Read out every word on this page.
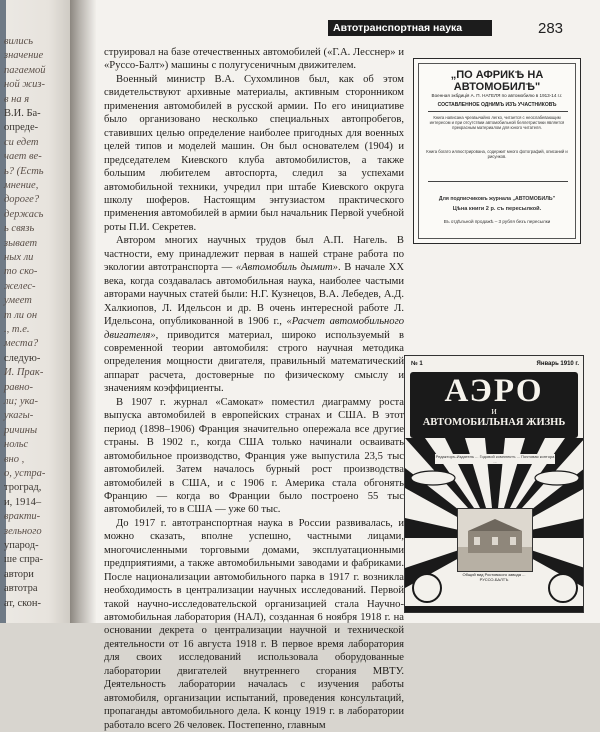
вились
значение
пагаемой
ной жиз-
в на я
В.И. Ба-
опреде-
си едет
чает ве-
ь? (Есть
мнение,
дорогe?
держась
ь связь
зывает
ных ли
то ско-
желес-
умеет
т ли он
., т.е.
места?
следую-
И. Прак-
равно-
ли; ука-
укагы-
ричины
нольс
вно ,
о, устра-
троград,
и, 1914–
вракти-
зельного
упарод-
ше спра-
автори
автотра
ат, скон-
Автотранспортная наука	283

струировал на базе отечественных автомобилей («Г.А. Лесснер» и «Руссо-Балт») машины с полугусеничным движителем.

Военный министр В.А. Сухомлинов был, как об этом свидетельствуют архивные материалы, активным сторонником применения автомобилей в русской армии. По его инициативе было организовано несколько специальных автопробегов, ставивших целью определение наиболее пригодных для военных целей типов и моделей машин. Он был основателем (1904) и председателем Киевского клуба автомобилистов, а также большим любителем автоспорта, следил за успехами автомобильной техники, учредил при штабе Киевского округа школу шоферов. Настоящим энтузиастом практического применения автомобилей в армии был начальник Первой учебной роты П.И. Секретев.

Автором многих научных трудов был А.П. Нагель. В частности, ему принадлежит первая в нашей стране работа по экологии автотранспорта — «Автомобиль дымит». В начале XX века, когда создавалась автомобильная наука, наиболее частыми авторами научных статей были: Н.Г. Кузнецов, В.А. Лебедев, А.Д. Халкиопов, Л. Идельсон и др. В очень интересной работе Л. Идельсона, опубликованной в 1906 г., «Расчет автомобильного двигателя», приводится материал, широко используемый в современной теории автомобиля: строго научная методика определения мощности двигателя, правильный математический аппарат расчета, достоверные по физическому смыслу и значениям коэффициенты.

В 1907 г. журнал «Самокат» поместил диаграмму роста выпуска автомобилей в европейских странах и США. В этот период (1898–1906) Франция значительно опережала все другие страны. В 1902 г., когда США только начинали осваивать автомобильное производство, Франция уже выпустила 23,5 тыс автомобилей. Затем началось бурный рост производства автомобилей в США, и с 1906 г. Америка стала обгонять Францию — когда во Франции было построено 55 тыс автомобилей, то в США — уже 60 тыс.

До 1917 г. автотранспортная наука в России развивалась, и можно сказать, вполне успешно, частными лицами, многочисленными торговыми домами, эксплуатационными предприятиями, а также автомобильными заводами и фабриками. После национализации автомобильного парка в 1917 г. возникла необходимость в централизации научных исследований. Первой такой научно-исследовательской организацией стала Научно-автомобильная лаборатория (НАЛ), созданная 6 ноября 1918 г. на основании декрета о централизации научной и технической деятельности от 16 августа 1918 г. В первое время лаборатория для своих исследований использовала оборудованные лаборатории двигателей внутреннего сгорания МВТУ. Деятельность лаборатории началась с изучения работы автомобиля, организации испытаний, проведения консультаций, пропаганды автомобильного дела. К концу 1919 г. в лаборатории работало всего 26 человек. Постепенно, главным

„ПО АФРИКѢ НА АВТОМОБИЛѢ"
Военная экбдиція А. П. НАГЕЛЯ по автомобилю в 1913-14 г.г.
СОСТАВЛЕННОЕ ОДНИМЪ ИЗЪ УЧАСТНИКОВЪ
Книга написана чрезвычайно легко, читается с неослабевающим интересом и при отсутствии автомобильной беллетристики является прекрасным материалом для юного читателя.
Книга богато иллюстрирована, содержит много фотографий, описаний и рисунков.
Для подписчиковъ журнала „АВТОМОБИЛЬ"
Цѣна книги 2 р. съ пересылкой.
Въ отдѣльной продажѣ – 3 рубля безъ пересылки
№ 1	Январь 1910 г.
АЭРО
и
АВТОМОБИЛЬНАЯ ЖИЗНЬ
Редакторъ-Издатель ... Годовой комплектъ ... Почтовая контора ...
Общий вид Ростовского завода ... РУССО-БАЛТЪ
